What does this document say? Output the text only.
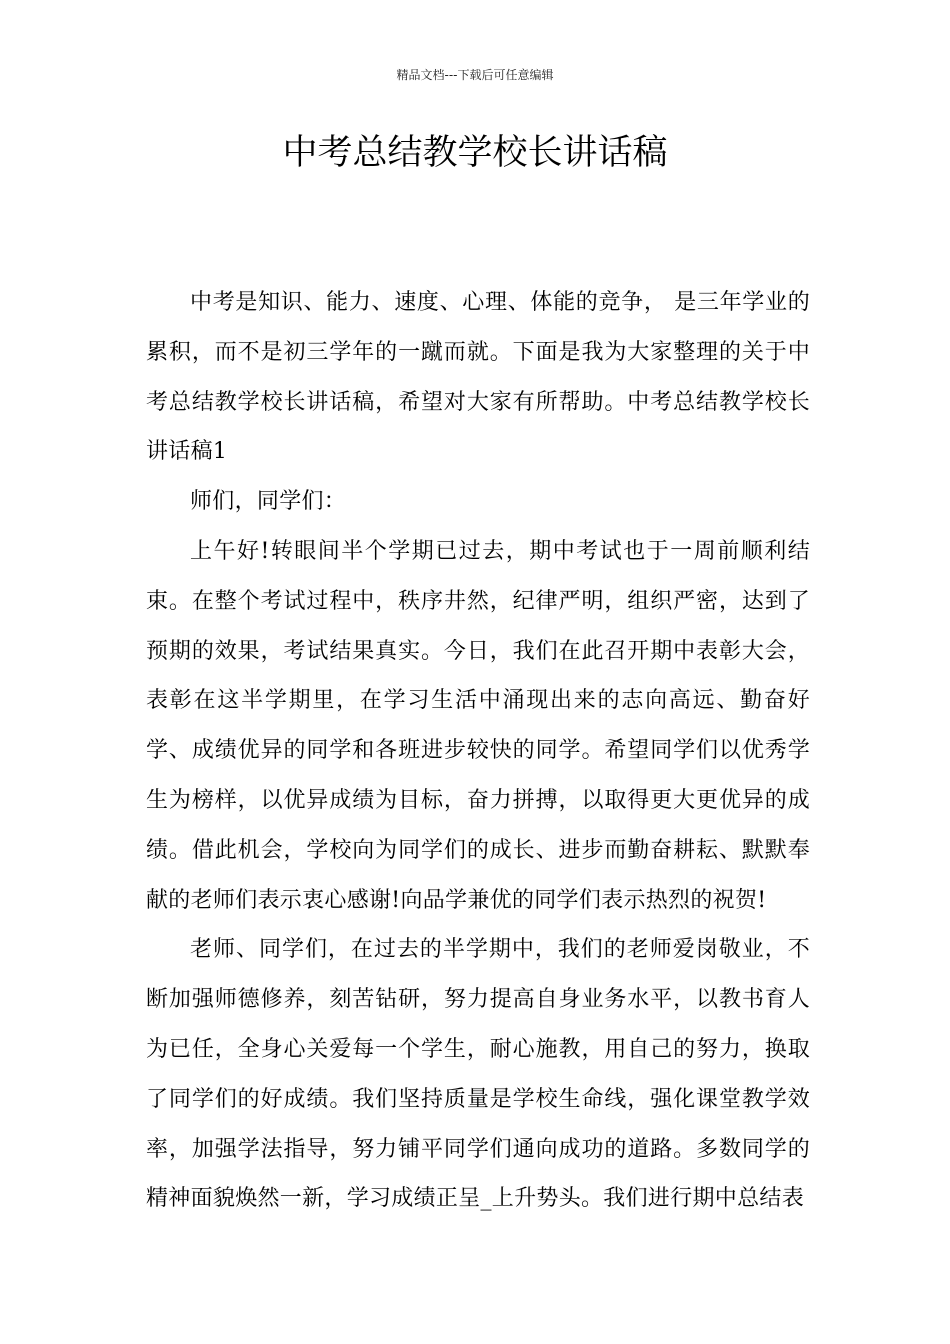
精品文档---下载后可任意编辑
中考总结教学校长讲话稿

中考是知识、能力、速度、心理、体能的竞争， 是三年学业的累积，而不是初三学年的一蹴而就。下面是我为大家整理的关于中考总结教学校长讲话稿，希望对大家有所帮助。中考总结教学校长讲话稿1

师们，同学们：

上午好!转眼间半个学期已过去，期中考试也于一周前顺利结束。在整个考试过程中，秩序井然，纪律严明，组织严密，达到了预期的效果，考试结果真实。今日，我们在此召开期中表彰大会，表彰在这半学期里，在学习生活中涌现出来的志向高远、勤奋好学、成绩优异的同学和各班进步较快的同学。希望同学们以优秀学生为榜样，以优异成绩为目标，奋力拼搏，以取得更大更优异的成绩。借此机会，学校向为同学们的成长、进步而勤奋耕耘、默默奉献的老师们表示衷心感谢!向品学兼优的同学们表示热烈的祝贺!

老师、同学们，在过去的半学期中，我们的老师爱岗敬业，不断加强师德修养，刻苦钻研，努力提高自身业务水平，以教书育人为已任，全身心关爱每一个学生，耐心施教，用自己的努力，换取了同学们的好成绩。我们坚持质量是学校生命线，强化课堂教学效率，加强学法指导，努力铺平同学们通向成功的道路。多数同学的精神面貌焕然一新，学习成绩正呈_上升势头。我们进行期中总结表
